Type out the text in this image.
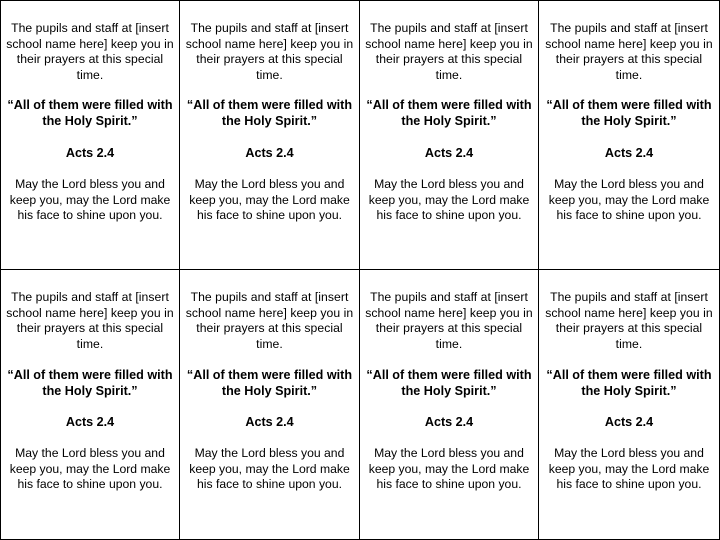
The pupils and staff at [insert school name here] keep you in their prayers at this special time.
“All of them were filled with the Holy Spirit.”
Acts 2.4
May the Lord bless you and keep you, may the Lord make his face to shine upon you.
The pupils and staff at [insert school name here] keep you in their prayers at this special time.
“All of them were filled with the Holy Spirit.”
Acts 2.4
May the Lord bless you and keep you, may the Lord make his face to shine upon you.
The pupils and staff at [insert school name here] keep you in their prayers at this special time.
“All of them were filled with the Holy Spirit.”
Acts 2.4
May the Lord bless you and keep you, may the Lord make his face to shine upon you.
The pupils and staff at [insert school name here] keep you in their prayers at this special time.
“All of them were filled with the Holy Spirit.”
Acts 2.4
May the Lord bless you and keep you, may the Lord make his face to shine upon you.
The pupils and staff at [insert school name here] keep you in their prayers at this special time.
“All of them were filled with the Holy Spirit.”
Acts 2.4
May the Lord bless you and keep you, may the Lord make his face to shine upon you.
The pupils and staff at [insert school name here] keep you in their prayers at this special time.
“All of them were filled with the Holy Spirit.”
Acts 2.4
May the Lord bless you and keep you, may the Lord make his face to shine upon you.
The pupils and staff at [insert school name here] keep you in their prayers at this special time.
“All of them were filled with the Holy Spirit.”
Acts 2.4
May the Lord bless you and keep you, may the Lord make his face to shine upon you.
The pupils and staff at [insert school name here] keep you in their prayers at this special time.
“All of them were filled with the Holy Spirit.”
Acts 2.4
May the Lord bless you and keep you, may the Lord make his face to shine upon you.
